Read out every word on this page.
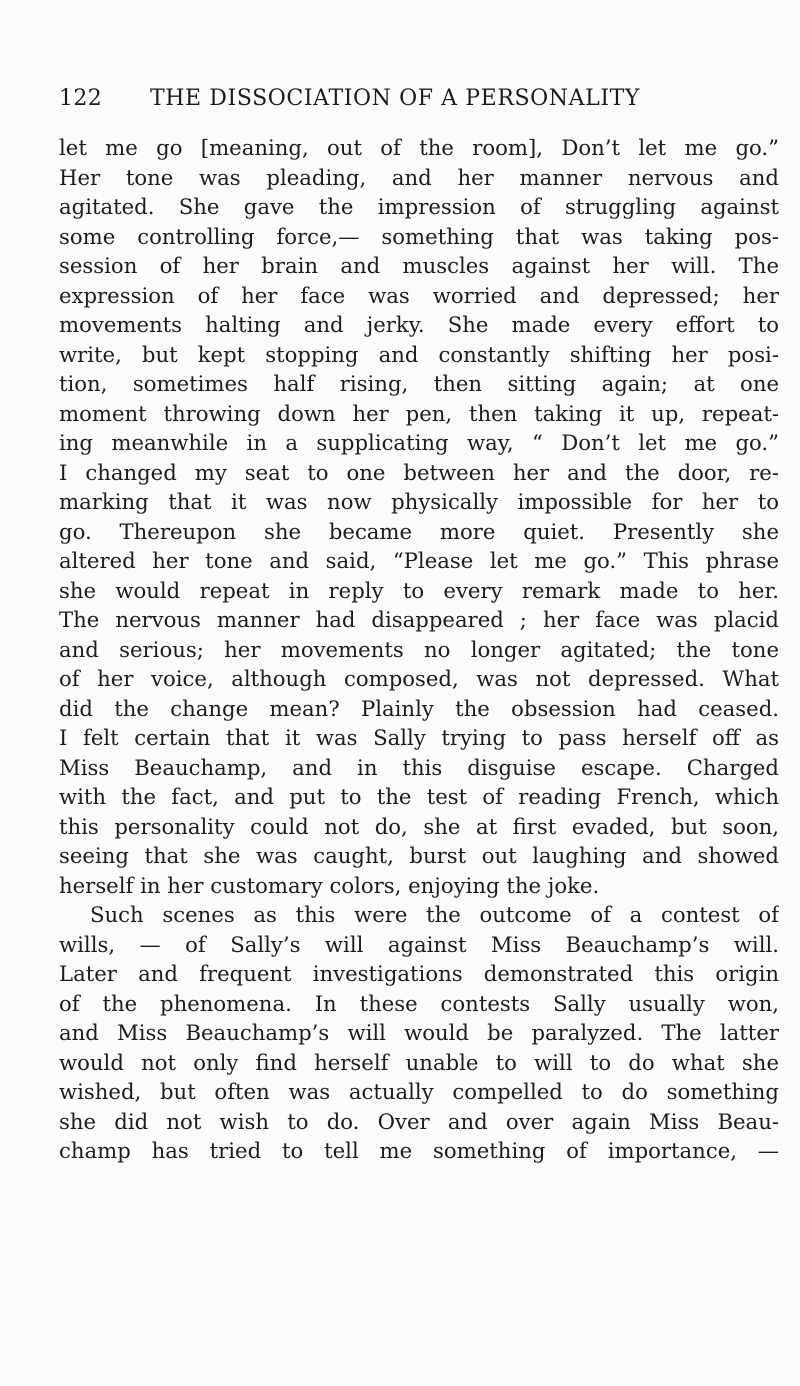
122 THE DISSOCIATION OF A PERSONALITY
let me go [meaning, out of the room], Don’t let me go.”
Her tone was pleading, and her manner nervous and
agitated. She gave the impression of struggling against
some controlling force,— something that was taking pos-
session of her brain and muscles against her will. The
expression of her face was worried and depressed; her
movements halting and jerky. She made every effort to
write, but kept stopping and constantly shifting her posi-
tion, sometimes half rising, then sitting again; at one
moment throwing down her pen, then taking it up, repeat-
ing meanwhile in a supplicating way, “ Don’t let me go.”
I changed my seat to one between her and the door, re-
marking that it was now physically impossible for her to
go. Thereupon she became more quiet. Presently she
altered her tone and said, “Please let me go.” This phrase
she would repeat in reply to every remark made to her.
The nervous manner had disappeared ; her face was placid
and serious; her movements no longer agitated; the tone
of her voice, although composed, was not depressed. What
did the change mean? Plainly the obsession had ceased.
I felt certain that it was Sally trying to pass herself off as
Miss Beauchamp, and in this disguise escape. Charged
with the fact, and put to the test of reading French, which
this personality could not do, she at first evaded, but soon,
seeing that she was caught, burst out laughing and showed
herself in her customary colors, enjoying the joke.
Such scenes as this were the outcome of a contest of
wills, — of Sally’s will against Miss Beauchamp’s will.
Later and frequent investigations demonstrated this origin
of the phenomena. In these contests Sally usually won,
and Miss Beauchamp’s will would be paralyzed. The latter
would not only find herself unable to will to do what she
wished, but often was actually compelled to do something
she did not wish to do. Over and over again Miss Beau-
champ has tried to tell me something of importance, —
